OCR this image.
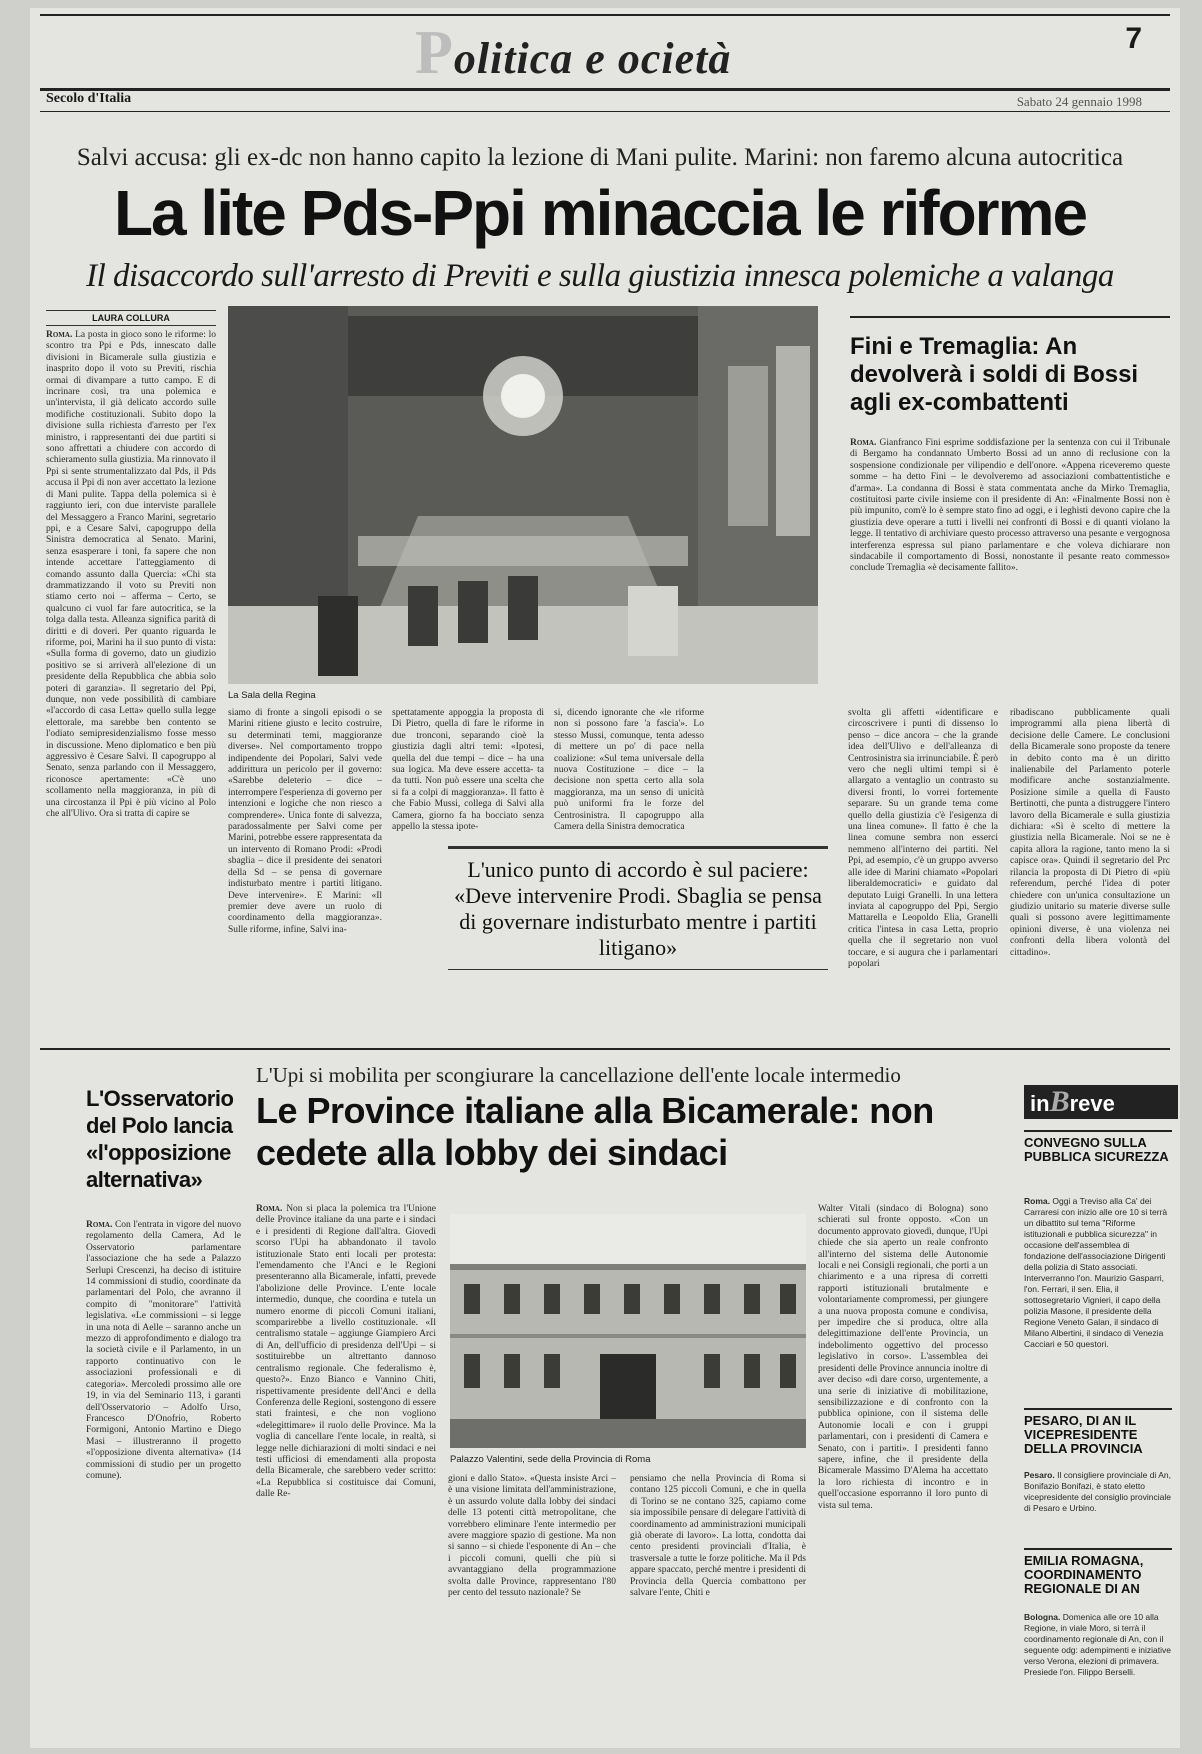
Politica e ocietà	7
Secolo d'Italia	Sabato 24 gennaio 1998
Salvi accusa: gli ex-dc non hanno capito la lezione di Mani pulite. Marini: non faremo alcuna autocritica
La lite Pds-Ppi minaccia le riforme
Il disaccordo sull'arresto di Previti e sulla giustizia innesca polemiche a valanga
LAURA COLLURA
Roma. La posta in gioco sono le riforme: lo scontro tra Ppi e Pds, innescato dalle divisioni in Bicamerale sulla giustizia e inasprito dopo il voto su Previti, rischia ormai di divampare a tutto campo. E di incrinare così, tra una polemica e un'intervista, il già delicato accordo sulle modifiche costituzionali. Subito dopo la divisione sulla richiesta d'arresto per l'ex ministro, i rappresentanti dei due partiti si sono affrettati a chiudere con accordo di schieramento sulla giustizia. Ma rinnovato il Ppi si sente strumentalizzato dal Pds, il Pds accusa il Ppi di non aver accettato la lezione di Mani pulite. Tappa della polemica si è raggiunto ieri, con due interviste parallele del Messaggero a Franco Marini, segretario ppi, e a Cesare Salvi, capogruppo della Sinistra democratica al Senato. Marini, senza esasperare i toni, fa sapere che non intende accettare l'atteggiamento di comando assunto dalla Quercia: «Chi sta drammatizzando il voto su Previti non stiamo certo noi – afferma – Certo, se qualcuno ci vuol far fare autocritica, se la tolga dalla testa. Alleanza significa parità di diritti e di doveri. Per quanto riguarda le riforme, poi, Marini ha il suo punto di vista: «Sulla forma di governo, dato un giudizio positivo se si arriverà all'elezione di un presidente della Repubblica che abbia solo poteri di garanzia». Il segretario del Ppi, dunque, non vede possibilità di cambiare «l'accordo di casa Letta» quello sulla legge elettorale, ma sarebbe ben contento se l'odiato semipresidenzialismo fosse messo in discussione. Meno diplomatico e ben più aggressivo è Cesare Salvi. Il capogruppo al Senato, senza parlando con il Messaggero, riconosce apertamente: «C'è uno scollamento nella maggioranza, in più di una circostanza il Ppi è più vicino al Polo che all'Ulivo. Ora si tratta di capire se
La Sala della Regina
Fini e Tremaglia: An devolverà i soldi di Bossi agli ex-combattenti
Roma. Gianfranco Fini esprime soddisfazione per la sentenza con cui il Tribunale di Bergamo ha condannato Umberto Bossi ad un anno di reclusione con la sospensione condizionale per vilipendio e dell'onore. «Appena riceveremo queste somme – ha detto Fini – le devolveremo ad associazioni combattentistiche e d'arma». La condanna di Bossi è stata commentata anche da Mirko Tremaglia, costituitosi parte civile insieme con il presidente di An: «Finalmente Bossi non è più impunito, com'è lo è sempre stato fino ad oggi, e i leghisti devono capire che la giustizia deve operare a tutti i livelli nei confronti di Bossi e di quanti violano la legge. Il tentativo di archiviare questo processo attraverso una pesante e vergognosa interferenza espressa sul piano parlamentare e che voleva dichiarare non sindacabile il comportamento di Bossi, nonostante il pesante reato commesso» conclude Tremaglia «è decisamente fallito».
siamo di fronte a singoli episodi o se Marini ritiene giusto e lecito costruire, su determinati temi, maggioranze diverse». Nel comportamento troppo indipendente dei Popolari, Salvi vede addirittura un pericolo per il governo: «Sarebbe deleterio – dice – interrompere l'esperienza di governo per intenzioni e logiche che non riesco a comprendere». Unica fonte di salvezza, paradossalmente per Salvi come per Marini, potrebbe essere rappresentata da un intervento di Romano Prodi: «Prodi sbaglia – dice il presidente dei senatori della Sd – se pensa di governare indisturbato mentre i partiti litigano. Deve intervenire». E Marini: «Il premier deve avere un ruolo di coordinamento della maggioranza». Sulle riforme, infine, Salvi ina-
spettatamente appoggia la proposta di Di Pietro, quella di fare le riforme in due tronconi, separando cioè la giustizia dagli altri temi: «Ipotesi, quella del due tempi – dice – ha una sua logica. Ma deve essere accetta- ta da tutti. Non può essere una scelta che si fa a colpi di maggioranza». Il fatto è che Fabio Mussi, collega di Salvi alla Camera, giorno fa ha bocciato senza appello la stessa ipote-
si, dicendo ignorante che «le riforme non si possono fare 'a fascia'». Lo stesso Mussi, comunque, tenta adesso di mettere un po' di pace nella coalizione: «Sul tema universale della nuova Costituzione – dice – la decisione non spetta certo alla sola maggioranza, ma un senso di unicità può uniformi fra le forze del Centrosinistra. Il capogruppo alla Camera della Sinistra democratica
L'unico punto di accordo è sul paciere: «Deve intervenire Prodi. Sbaglia se pensa di governare indisturbato mentre i partiti litigano»
svolta gli affetti «identificare e circoscrivere i punti di dissenso lo penso – dice ancora – che la grande idea dell'Ulivo e dell'alleanza di Centrosinistra sia irrinunciabile. È però vero che negli ultimi tempi si è allargato a ventaglio un contrasto su diversi fronti, lo vorrei fortemente separare. Su un grande tema come quello della giustizia c'è l'esigenza di una linea comune». Il fatto è che la linea comune sembra non esserci nemmeno all'interno dei partiti. Nel Ppi, ad esempio, c'è un gruppo avverso alle idee di Marini chiamato «Popolari liberaldemocratici» e guidato dal deputato Luigi Granelli. In una lettera inviata al capogruppo del Ppi, Sergio Mattarella e Leopoldo Elia, Granelli critica l'intesa in casa Letta, proprio quella che il segretario non vuol toccare, e si augura che i parlamentari popolari
ribadiscano pubblicamente quali improgrammi alla piena libertà di decisione delle Camere. Le conclusioni della Bicamerale sono proposte da tenere in debito conto ma è un diritto inalienabile del Parlamento poterle modificare anche sostanzialmente. Posizione simile a quella di Fausto Bertinotti, che punta a distruggere l'intero lavoro della Bicamerale e sulla giustizia dichiara: «Sì è scelto di mettere la giustizia nella Bicamerale. Noi se ne è capita allora la ragione, tanto meno la si capisce ora». Quindi il segretario del Prc rilancia la proposta di Di Pietro di «più referendum, perché l'idea di poter chiedere con un'unica consultazione un giudizio unitario su materie diverse sulle quali si possono avere legittimamente opinioni diverse, è una violenza nei confronti della libera volontà del cittadino».
L'Osservatorio del Polo lancia «l'opposizione alternativa»
Roma. Con l'entrata in vigore del nuovo regolamento della Camera, Ad le Osservatorio parlamentare l'associazione che ha sede a Palazzo Serlupi Crescenzi, ha deciso di istituire 14 commissioni di studio, coordinate da parlamentari del Polo, che avranno il compito di "monitorare" l'attività legislativa. «Le commissioni – si legge in una nota di Aelle – saranno anche un mezzo di approfondimento e dialogo tra la società civile e il Parlamento, in un rapporto continuativo con le associazioni professionali e di categoria». Mercoledì prossimo alle ore 19, in via del Seminario 113, i garanti dell'Osservatorio – Adolfo Urso, Francesco D'Onofrio, Roberto Formigoni, Antonio Martino e Diego Masi – illustreranno il progetto «l'opposizione diventa alternativa» (14 commissioni di studio per un progetto comune).
L'Upi si mobilita per scongiurare la cancellazione dell'ente locale intermedio
Le Province italiane alla Bicamerale: non cedete alla lobby dei sindaci
Roma. Non si placa la polemica tra l'Unione delle Province italiane da una parte e i sindaci e i presidenti di Regione dall'altra. Giovedì scorso l'Upi ha abbandonato il tavolo istituzionale Stato enti locali per protesta: l'emendamento che l'Anci e le Regioni presenteranno alla Bicamerale, infatti, prevede l'abolizione delle Province. L'ente locale intermedio, dunque, che coordina e tutela un numero enorme di piccoli Comuni italiani, scomparirebbe a livello costituzionale. «Il centralismo statale – aggiunge Giampiero Arci di An, dell'ufficio di presidenza dell'Upi – si sostituirebbe un altrettanto dannoso centralismo regionale. Che federalismo è, questo?». Enzo Bianco e Vannino Chiti, rispettivamente presidente dell'Anci e della Conferenza delle Regioni, sostengono di essere stati fraintesi, e che non vogliono «delegittimare» il ruolo delle Province. Ma la voglia di cancellare l'ente locale, in realtà, si legge nelle dichiarazioni di molti sindaci e nei testi ufficiosi di emendamenti alla proposta della Bicamerale, che sarebbero veder scritto: «La Repubblica si costituisce dai Comuni, dalle Re-
Palazzo Valentini, sede della Provincia di Roma
gioni e dallo Stato». «Questa insiste Arci – è una visione limitata dell'amministrazione, è un assurdo volute dalla lobby dei sindaci delle 13 potenti città metropolitane, che vorrebbero eliminare l'ente intermedio per avere maggiore spazio di gestione. Ma non si sanno – si chiede l'esponente di An – che i piccoli comuni, quelli che più si avvantaggiano della programmazione svolta dalle Province, rappresentano l'80 per cento del tessuto nazionale? Se
pensiamo che nella Provincia di Roma si contano 125 piccoli Comuni, e che in quella di Torino se ne contano 325, capiamo come sia impossibile pensare di delegare l'attività di coordinamento ad amministrazioni municipali già oberate di lavoro». La lotta, condotta dai cento presidenti provinciali d'Italia, è trasversale a tutte le forze politiche. Ma il Pds appare spaccato, perché mentre i presidenti di Provincia della Quercia combattono per salvare l'ente, Chiti e
Walter Vitali (sindaco di Bologna) sono schierati sul fronte opposto. «Con un documento approvato giovedì, dunque, l'Upi chiede che sia aperto un reale confronto all'interno del sistema delle Autonomie locali e nei Consigli regionali, che porti a un chiarimento e a una ripresa di corretti rapporti istituzionali brutalmente e volontariamente compromessi, per giungere a una nuova proposta comune e condivisa, per impedire che si produca, oltre alla delegittimazione dell'ente Provincia, un indebolimento oggettivo del processo legislativo in corso». L'assemblea dei presidenti delle Province annuncia inoltre di aver deciso «di dare corso, urgentemente, a una serie di iniziative di mobilitazione, sensibilizzazione e di confronto con la pubblica opinione, con il sistema delle Autonomie locali e con i gruppi parlamentari, con i presidenti di Camera e Senato, con i partiti». I presidenti fanno sapere, infine, che il presidente della Bicamerale Massimo D'Alema ha accettato la loro richiesta di incontro e in quell'occasione esporranno il loro punto di vista sul tema.
inBreve
CONVEGNO SULLA PUBBLICA SICUREZZA
Roma. Oggi a Treviso alla Ca' dei Carraresi con inizio alle ore 10 si terrà un dibattito sul tema "Riforme istituzionali e pubblica sicurezza" in occasione dell'assemblea di fondazione dell'associazione Dirigenti della polizia di Stato associati. Interverranno l'on. Maurizio Gasparri, l'on. Ferrari, il sen. Elia, il sottosegretario Vignieri, il capo della polizia Masone, il presidente della Regione Veneto Galan, il sindaco di Milano Albertini, il sindaco di Venezia Cacciari e 50 questori.
PESARO, DI AN IL VICEPRESIDENTE DELLA PROVINCIA
Pesaro. Il consigliere provinciale di An, Bonifazio Bonifazi, è stato eletto vicepresidente del consiglio provinciale di Pesaro e Urbino.
EMILIA ROMAGNA, COORDINAMENTO REGIONALE DI AN
Bologna. Domenica alle ore 10 alla Regione, in viale Moro, si terrà il coordinamento regionale di An, con il seguente odg: adempimenti e iniziative verso Verona, elezioni di primavera. Presiede l'on. Filippo Berselli.
